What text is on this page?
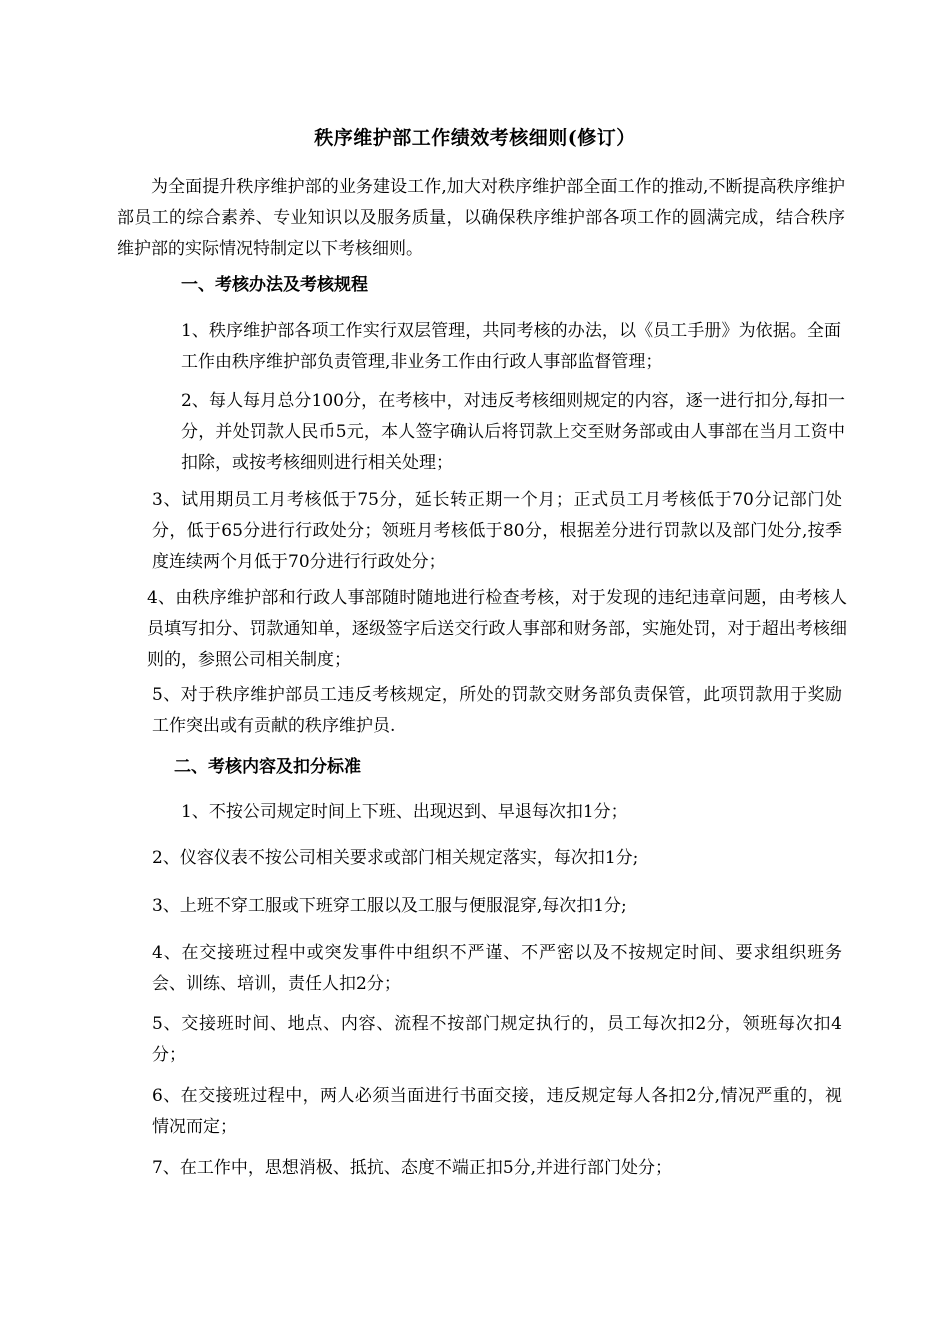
秩序维护部工作绩效考核细则(修订）

为全面提升秩序维护部的业务建设工作,加大对秩序维护部全面工作的推动,不断提高秩序维护部员工的综合素养、专业知识以及服务质量，以确保秩序维护部各项工作的圆满完成，结合秩序维护部的实际情况特制定以下考核细则。

一、考核办法及考核规程

1、秩序维护部各项工作实行双层管理，共同考核的办法，以《员工手册》为依据。全面工作由秩序维护部负责管理,非业务工作由行政人事部监督管理；

2、每人每月总分100分，在考核中，对违反考核细则规定的内容，逐一进行扣分,每扣一分，并处罚款人民币5元，本人签字确认后将罚款上交至财务部或由人事部在当月工资中扣除，或按考核细则进行相关处理；

3、试用期员工月考核低于75分，延长转正期一个月；正式员工月考核低于70分记部门处分，低于65分进行行政处分；领班月考核低于80分，根据差分进行罚款以及部门处分,按季度连续两个月低于70分进行行政处分；

4、由秩序维护部和行政人事部随时随地进行检查考核，对于发现的违纪违章问题，由考核人员填写扣分、罚款通知单，逐级签字后送交行政人事部和财务部，实施处罚，对于超出考核细则的，参照公司相关制度；

5、对于秩序维护部员工违反考核规定，所处的罚款交财务部负责保管，此项罚款用于奖励工作突出或有贡献的秩序维护员.

二、考核内容及扣分标准

1、不按公司规定时间上下班、出现迟到、早退每次扣1分；

2、仪容仪表不按公司相关要求或部门相关规定落实，每次扣1分;

3、上班不穿工服或下班穿工服以及工服与便服混穿,每次扣1分;

4、在交接班过程中或突发事件中组织不严谨、不严密以及不按规定时间、要求组织班务会、训练、培训，责任人扣2分；

5、交接班时间、地点、内容、流程不按部门规定执行的，员工每次扣2分，领班每次扣4分；

6、在交接班过程中，两人必须当面进行书面交接，违反规定每人各扣2分,情况严重的，视情况而定；

7、在工作中，思想消极、抵抗、态度不端正扣5分,并进行部门处分；
